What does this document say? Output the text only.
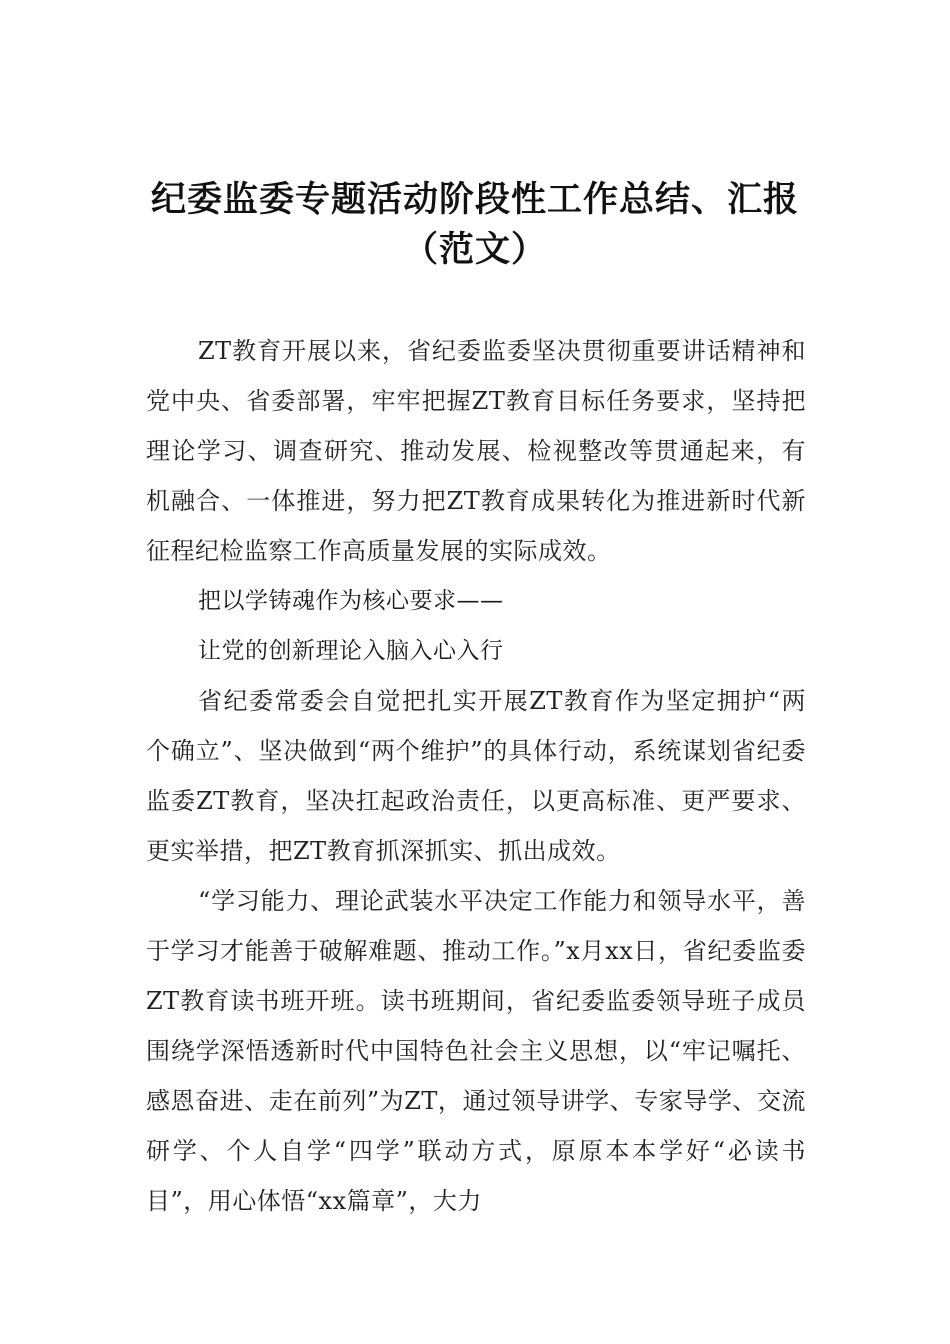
纪委监委专题活动阶段性工作总结、汇报
（范文）

ZT教育开展以来，省纪委监委坚决贯彻重要讲话精神和党中央、省委部署，牢牢把握ZT教育目标任务要求，坚持把理论学习、调查研究、推动发展、检视整改等贯通起来，有机融合、一体推进，努力把ZT教育成果转化为推进新时代新征程纪检监察工作高质量发展的实际成效。

把以学铸魂作为核心要求——

让党的创新理论入脑入心入行

省纪委常委会自觉把扎实开展ZT教育作为坚定拥护“两个确立”、坚决做到“两个维护”的具体行动，系统谋划省纪委监委ZT教育，坚决扛起政治责任，以更高标准、更严要求、更实举措，把ZT教育抓深抓实、抓出成效。

“学习能力、理论武装水平决定工作能力和领导水平，善于学习才能善于破解难题、推动工作。”x月xx日，省纪委监委ZT教育读书班开班。读书班期间，省纪委监委领导班子成员围绕学深悟透新时代中国特色社会主义思想，以“牢记嘱托、感恩奋进、走在前列”为ZT，通过领导讲学、专家导学、交流研学、个人自学“四学”联动方式，原原本本学好“必读书目”，用心体悟“xx篇章”，大力
